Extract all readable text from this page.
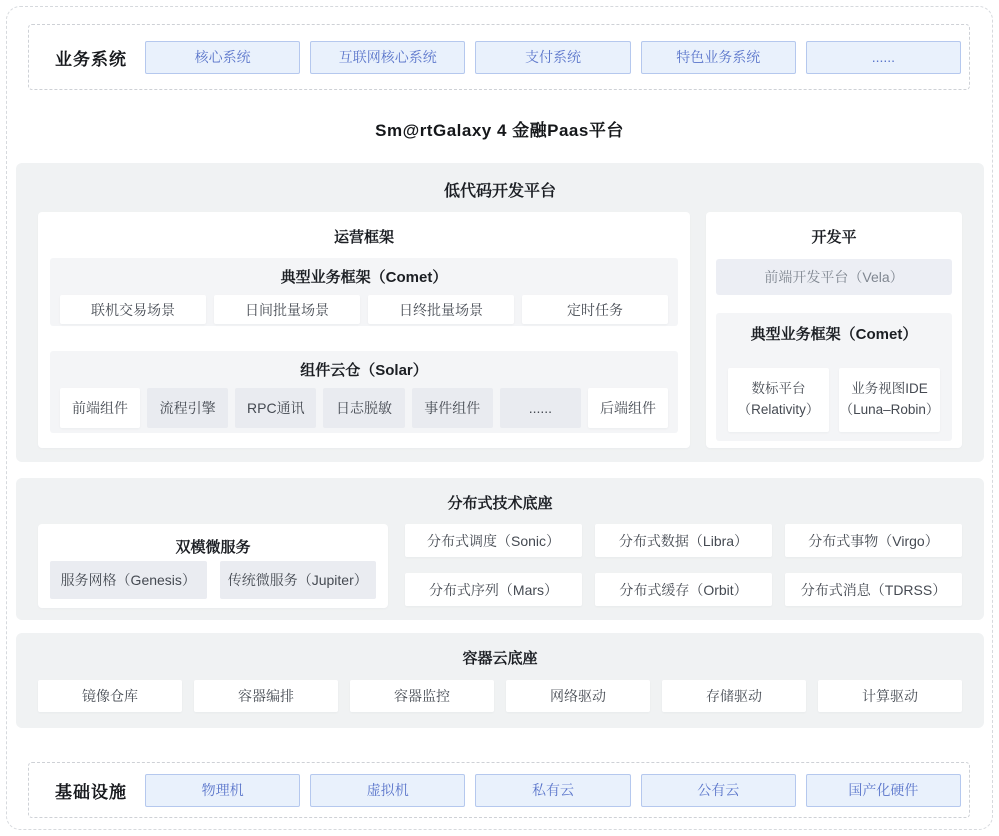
业务系统	核心系统	互联网核心系统	支付系统	特色业务系统	......
Sm@rtGalaxy 4 金融Paas平台
低代码开发平台
运营框架
典型业务框架（Comet）
联机交易场景	日间批量场景	日终批量场景	定时任务
组件云仓（Solar）
前端组件	流程引擎	RPC通讯	日志脱敏	事件组件	......	后端组件
开发平
前端开发平台（Vela）
典型业务框架（Comet）
数标平台
（Relativity）
业务视图IDE
（Luna–Robin）
分布式技术底座
双模微服务
服务网格（Genesis）	传统微服务（Jupiter）
分布式调度（Sonic）	分布式数据（Libra）	分布式事物（Virgo）
分布式序列（Mars）	分布式缓存（Orbit）	分布式消息（TDRSS）
容器云底座
镜像仓库	容器编排	容器监控	网络驱动	存储驱动	计算驱动
基础设施	物理机	虚拟机	私有云	公有云	国产化硬件
